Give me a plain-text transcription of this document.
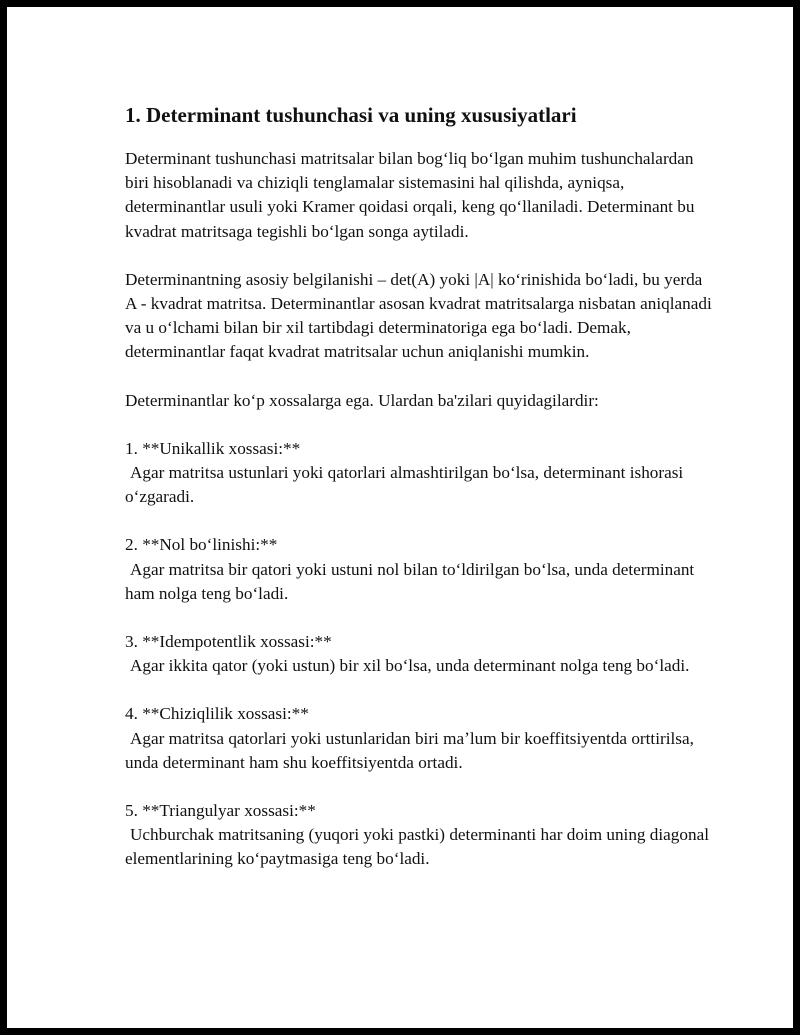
1. Determinant tushunchasi va uning xususiyatlari

Determinant tushunchasi matritsalar bilan bogʻliq boʻlgan muhim tushunchalardan biri hisoblanadi va chiziqli tenglamalar sistemasini hal qilishda, ayniqsa, determinantlar usuli yoki Kramer qoidasi orqali, keng qoʻllaniladi. Determinant bu kvadrat matritsaga tegishli boʻlgan songa aytiladi.

Determinantning asosiy belgilanishi – det(A) yoki |A| koʻrinishida boʻladi, bu yerda A - kvadrat matritsa. Determinantlar asosan kvadrat matritsalarga nisbatan aniqlanadi va u oʻlchami bilan bir xil tartibdagi determinatoriga ega boʻladi. Demak, determinantlar faqat kvadrat matritsalar uchun aniqlanishi mumkin.

Determinantlar koʻp xossalarga ega. Ulardan ba'zilari quyidagilardir:

1. **Unikallik xossasi:**
Agar matritsa ustunlari yoki qatorlari almashtirilgan boʻlsa, determinant ishorasi oʻzgaradi.
2. **Nol boʻlinishi:**
Agar matritsa bir qatori yoki ustuni nol bilan toʻldirilgan boʻlsa, unda determinant ham nolga teng boʻladi.
3. **Idempotentlik xossasi:**
Agar ikkita qator (yoki ustun) bir xil boʻlsa, unda determinant nolga teng boʻladi.
4. **Chiziqlilik xossasi:**
Agar matritsa qatorlari yoki ustunlaridan biri maʼlum bir koeffitsiyentda orttirilsa, unda determinant ham shu koeffitsiyentda ortadi.
5. **Triangulyar xossasi:**
Uchburchak matritsaning (yuqori yoki pastki) determinanti har doim uning diagonal elementlarining koʻpaytmasiga teng boʻladi.
